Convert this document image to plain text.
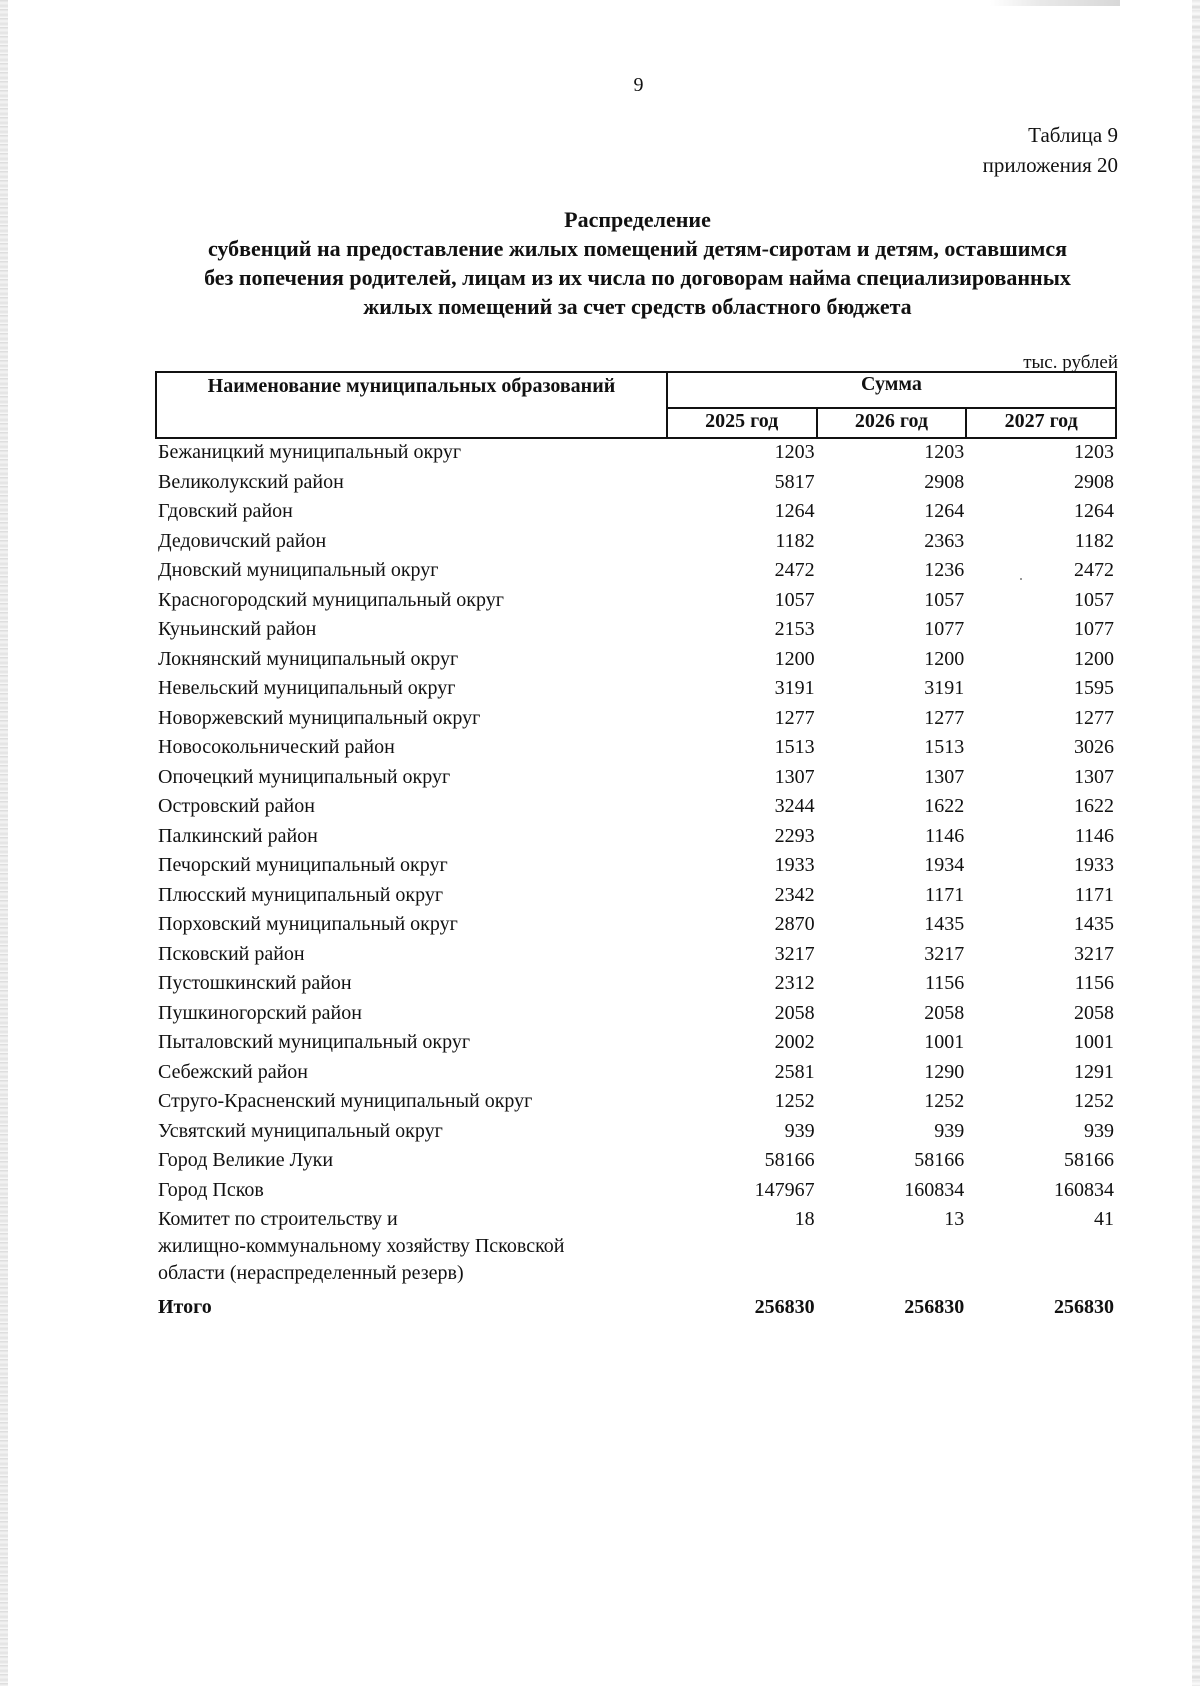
9
Таблица 9
приложения 20
Распределение
субвенций на предоставление жилых помещений детям-сиротам и детям, оставшимся
без попечения родителей, лицам из их числа по договорам найма специализированных
жилых помещений за счет средств областного бюджета
тыс. рублей
Наименование муниципальных образований	Сумма		
	2025 год	2026 год	2027 год
Бежаницкий муниципальный округ	1203	1203	1203
Великолукский район	5817	2908	2908
Гдовский район	1264	1264	1264
Дедовичский район	1182	2363	1182
Дновский муниципальный округ	2472	1236	2472
Красногородский муниципальный округ	1057	1057	1057
Куньинский район	2153	1077	1077
Локнянский муниципальный округ	1200	1200	1200
Невельский муниципальный округ	3191	3191	1595
Новоржевский муниципальный округ	1277	1277	1277
Новосокольнический район	1513	1513	3026
Опочецкий муниципальный округ	1307	1307	1307
Островский район	3244	1622	1622
Палкинский район	2293	1146	1146
Печорский муниципальный округ	1933	1934	1933
Плюсский муниципальный округ	2342	1171	1171
Порховский муниципальный округ	2870	1435	1435
Псковский район	3217	3217	3217
Пустошкинский район	2312	1156	1156
Пушкиногорский район	2058	2058	2058
Пыталовский муниципальный округ	2002	1001	1001
Себежский район	2581	1290	1291
Струго-Красненский муниципальный округ	1252	1252	1252
Усвятский муниципальный округ	939	939	939
Город Великие Луки	58166	58166	58166
Город Псков	147967	160834	160834

Комитет по строительству и
жилищно-коммунальному хозяйству Псковской
области (нераспределенный резерв)	18	13	41
Итого	256830	256830	256830
